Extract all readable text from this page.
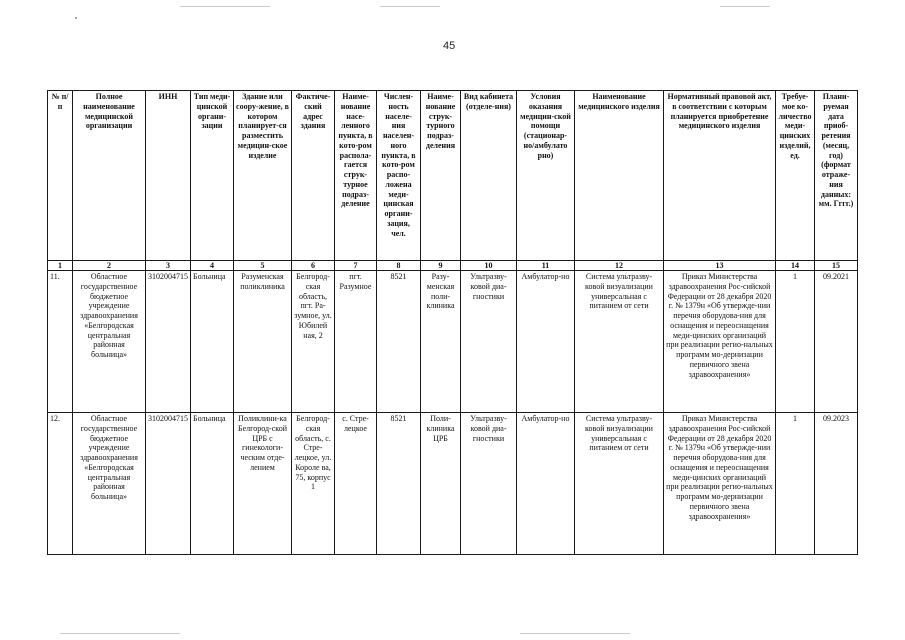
45
№ п/п	Полное наименование медицинской организации	ИНН	Тип меди-цинской органи-зации	Здание или соору-жение, в котором планирует-ся разместить медицин-ское изделие	Фактиче-ский адрес здания	Наиме-нование насе-ленного пункта, в кото-ром распола-гается струк-турное подраз-деление	Числен-ность населе-ния населен-ного пункта, в кото-ром распо-ложена меди-цинская органи-зация, чел.	Наиме-нование струк-турного подраз-деления	Вид кабинета (отделе-ния)	Условия оказания медицин-ской помощи (стационар-но/амбулато рно)	Наименование медицинского изделия	Нормативный правовой акт, в соответствии с которым планируется приобретение медицинского изделия	Требуе-мое ко-личество меди-цинских изделий, ед.	Плани-руемая дата приоб-ретения (месяц, год) (формат отраже-ния данных: мм. Гггг.)
1	2	3	4	5	6	7	8	9	10	11	12	13	14	15
11.	Областное государственное бюджетное учреждение здравоохранения «Белгородская центральная районная больница»	3102004715	Больница	Разуменская поликлиника	Белгород-ская область, пгт. Ра-зумное, ул. Юбилей ная, 2	пгт. Разумное	8521	Разу-менская поли-клиника	Ультразву-ковой диа-гностики	Амбулатор-но	Система ультразву-ковой визуализации универсальная с питанием от сети	Приказ Министерства здравоохранения Рос-сийской Федерации от 28 декабря 2020 г. № 1379н «Об утвержде-нии перечня оборудова-ния для оснащения и переоснащения меди-цинских организаций при реализации регио-нальных программ мо-дернизации первичного звена здравоохранения»	1	09.2021
12.	Областное государственное бюджетное учреждение здравоохранения «Белгородская центральная районная больница»	3102004715	Больница	Поликлини-ка Белгород-ской ЦРБ с гинекологи-ческим отде-лением	Белгород-ская область, с. Стре-лецкое, ул. Короле ва, 75, корпус 1	с. Стре-лецкое	8521	Поли-клиника ЦРБ	Ультразву-ковой диа-гностики	Амбулатор-но	Система ультразву-ковой визуализации универсальная с питанием от сети	Приказ Министерства здравоохранения Рос-сийской Федерации от 28 декабря 2020 г. № 1379н «Об утвержде-нии перечня оборудова-ния для оснащения и переоснащения меди-цинских организаций при реализации регио-нальных программ мо-дернизации первичного звена здравоохранения»	1	09.2023
